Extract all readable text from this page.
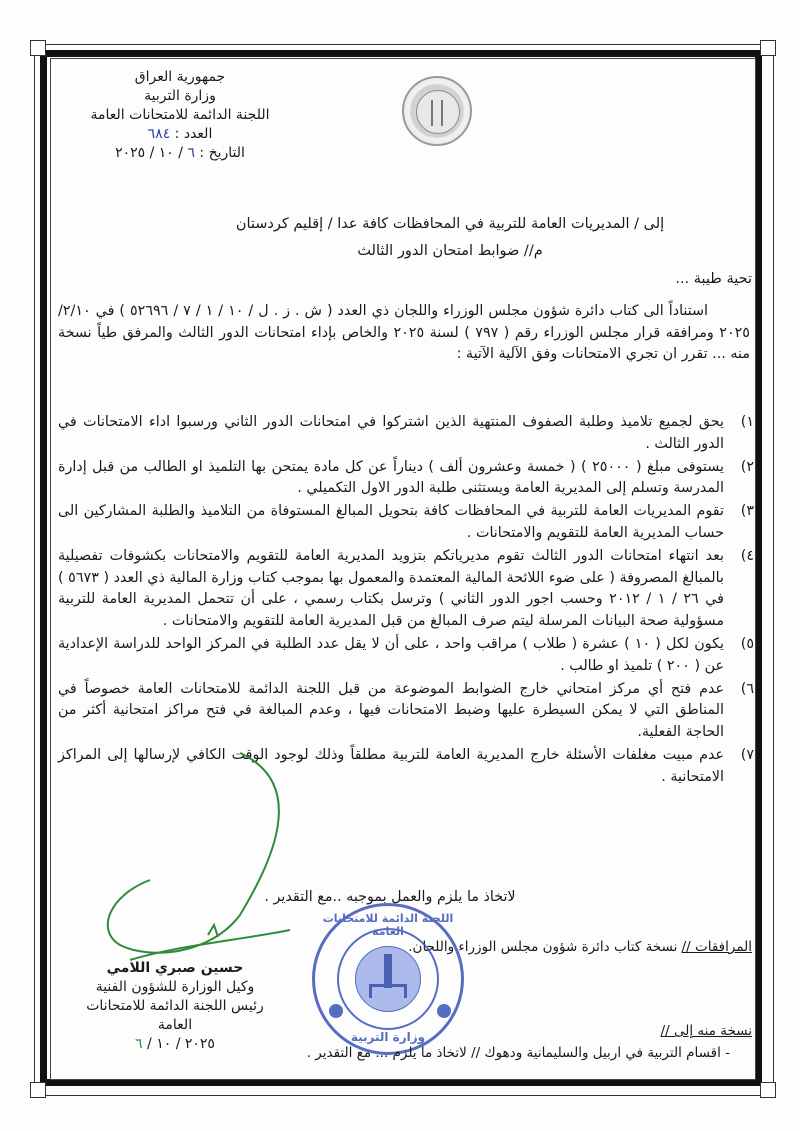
جمهورية العراق
وزارة التربية
اللجنة الدائمة للامتحانات العامة
العدد : ٦٨٤
التاريخ : ٦ / ١٠ / ٢٠٢٥
إلى / المديريات العامة للتربية في المحافظات كافة عدا / إقليم كردستان
م// ضوابط امتحان الدور الثالث
تحية طيبة ...
استناداً الى كتاب دائرة شؤون مجلس الوزراء واللجان ذي العدد ( ش . ز . ل / ١٠ / ١ / ٧ / ٥٢٦٩٦ ) في ٢/١٠/ ٢٠٢٥ ومرافقه قرار مجلس الوزراء رقم ( ٧٩٧ ) لسنة ٢٠٢٥ والخاص بإداء امتحانات الدور الثالث والمرفق طياً نسخة منه ... تقرر ان تجري الامتحانات وفق الآلية الآتية :
١)
يحق لجميع تلاميذ وطلبة الصفوف المنتهية الذين اشتركوا في امتحانات الدور الثاني ورسبوا اداء الامتحانات في الدور الثالث .
٢)
يستوفى مبلغ ( ٢٥٠٠٠ ) ( خمسة وعشرون ألف ) ديناراً عن كل مادة يمتحن بها التلميذ او الطالب من قبل إدارة المدرسة وتسلم إلى المديرية العامة ويستثنى طلبة الدور الاول التكميلي .
٣)
تقوم المديريات العامة للتربية في المحافظات كافة بتحويل المبالغ المستوفاة من التلاميذ والطلبة المشاركين الى حساب المديرية العامة للتقويم والامتحانات .
٤)
بعد انتهاء امتحانات الدور الثالث تقوم مديرياتكم بتزويد المديرية العامة للتقويم والامتحانات بكشوفات تفصيلية بالمبالغ المصروفة ( على ضوء اللائحة المالية المعتمدة والمعمول بها بموجب كتاب وزارة المالية ذي العدد ( ٥٦٧٣ ) في ٢٦ / ١ / ٢٠١٢ وحسب اجور الدور الثاني ) وترسل بكتاب رسمي ، على أن تتحمل المديرية العامة للتربية مسؤولية صحة البيانات المرسلة ليتم صرف المبالغ من قبل المديرية العامة للتقويم والامتحانات .
٥)
يكون لكل ( ١٠ ) عشرة ( طلاب ) مراقب واحد ، على أن لا يقل عدد الطلبة في المركز الواحد للدراسة الإعدادية عن ( ٢٠٠ ) تلميذ او طالب .
٦)
عدم فتح أي مركز امتحاني خارج الضوابط الموضوعة من قبل اللجنة الدائمة للامتحانات العامة خصوصاً في المناطق التي لا يمكن السيطرة عليها وضبط الامتحانات فيها ، وعدم المبالغة في فتح مراكز امتحانية أكثر من الحاجة الفعلية.
٧)
عدم مبيت مغلفات الأسئلة خارج المديرية العامة للتربية مطلقاً وذلك لوجود الوقت الكافي لإرسالها إلى المراكز الامتحانية .
لاتخاذ ما يلزم والعمل بموجبه ..مع التقدير .
المرافقات // نسخة كتاب دائرة شؤون مجلس الوزراء واللجان.
حسين صبري اللامي
وكيل الوزارة للشؤون الفنية
رئيس اللجنة الدائمة للامتحانات العامة
٢٠٢٥ / ١٠ / ٦
اللجنة الدائمة للامتحانات العامة
وزارة التربية	نسخة منه إلى //
- اقسام التربية في اربيل والسليمانية ودهوك // لاتخاذ ما يلزم ... مع التقدير .
